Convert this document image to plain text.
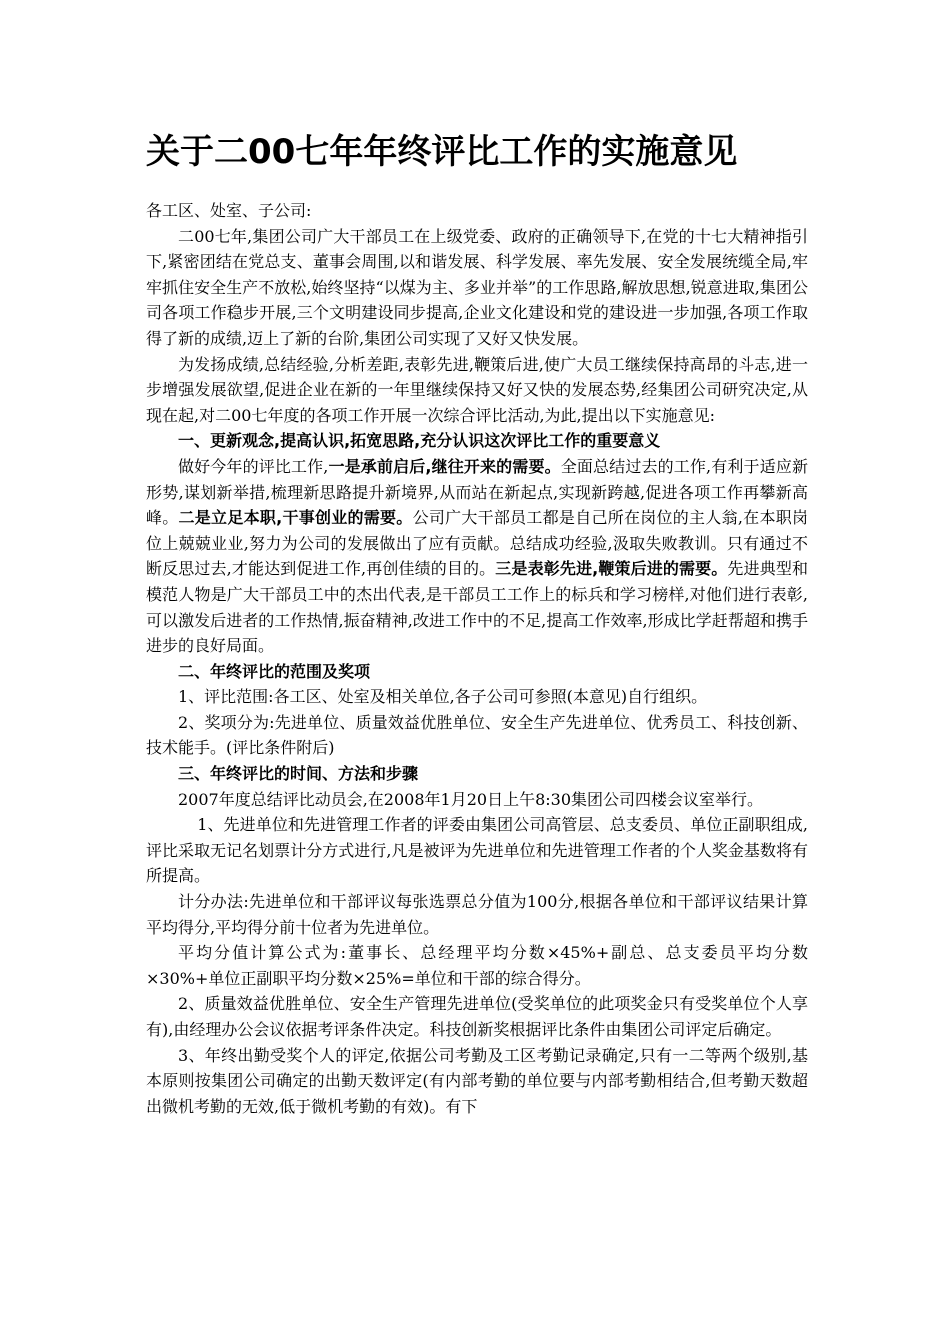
关于二00七年年终评比工作的实施意见

各工区、处室、子公司:

二00七年,集团公司广大干部员工在上级党委、政府的正确领导下,在党的十七大精神指引下,紧密团结在党总支、董事会周围,以和谐发展、科学发展、率先发展、安全发展统缆全局,牢牢抓住安全生产不放松,始终坚持“以煤为主、多业并举”的工作思路,解放思想,锐意进取,集团公司各项工作稳步开展,三个文明建设同步提高,企业文化建设和党的建设进一步加强,各项工作取得了新的成绩,迈上了新的台阶,集团公司实现了又好又快发展。

为发扬成绩,总结经验,分析差距,表彰先进,鞭策后进,使广大员工继续保持高昂的斗志,进一步增强发展欲望,促进企业在新的一年里继续保持又好又快的发展态势,经集团公司研究决定,从现在起,对二00七年度的各项工作开展一次综合评比活动,为此,提出以下实施意见:

一、更新观念,提高认识,拓宽思路,充分认识这次评比工作的重要意义

做好今年的评比工作,一是承前启后,继往开来的需要。全面总结过去的工作,有利于适应新形势,谋划新举措,梳理新思路提升新境界,从而站在新起点,实现新跨越,促进各项工作再攀新高峰。二是立足本职,干事创业的需要。公司广大干部员工都是自己所在岗位的主人翁,在本职岗位上兢兢业业,努力为公司的发展做出了应有贡献。总结成功经验,汲取失败教训。只有通过不断反思过去,才能达到促进工作,再创佳绩的目的。三是表彰先进,鞭策后进的需要。先进典型和模范人物是广大干部员工中的杰出代表,是干部员工工作上的标兵和学习榜样,对他们进行表彰,可以激发后进者的工作热情,振奋精神,改进工作中的不足,提高工作效率,形成比学赶帮超和携手进步的良好局面。

二、年终评比的范围及奖项

1、评比范围:各工区、处室及相关单位,各子公司可参照(本意见)自行组织。

2、奖项分为:先进单位、质量效益优胜单位、安全生产先进单位、优秀员工、科技创新、技术能手。(评比条件附后)

三、年终评比的时间、方法和步骤

2007年度总结评比动员会,在2008年1月20日上午8:30集团公司四楼会议室举行。

1、先进单位和先进管理工作者的评委由集团公司高管层、总支委员、单位正副职组成,评比采取无记名划票计分方式进行,凡是被评为先进单位和先进管理工作者的个人奖金基数将有所提高。

计分办法:先进单位和干部评议每张选票总分值为100分,根据各单位和干部评议结果计算平均得分,平均得分前十位者为先进单位。

平均分值计算公式为:董事长、总经理平均分数×45%+副总、总支委员平均分数×30%+单位正副职平均分数×25%=单位和干部的综合得分。

2、质量效益优胜单位、安全生产管理先进单位(受奖单位的此项奖金只有受奖单位个人享有),由经理办公会议依据考评条件决定。科技创新奖根据评比条件由集团公司评定后确定。

3、年终出勤受奖个人的评定,依据公司考勤及工区考勤记录确定,只有一二等两个级别,基本原则按集团公司确定的出勤天数评定(有内部考勤的单位要与内部考勤相结合,但考勤天数超出微机考勤的无效,低于微机考勤的有效)。有下
